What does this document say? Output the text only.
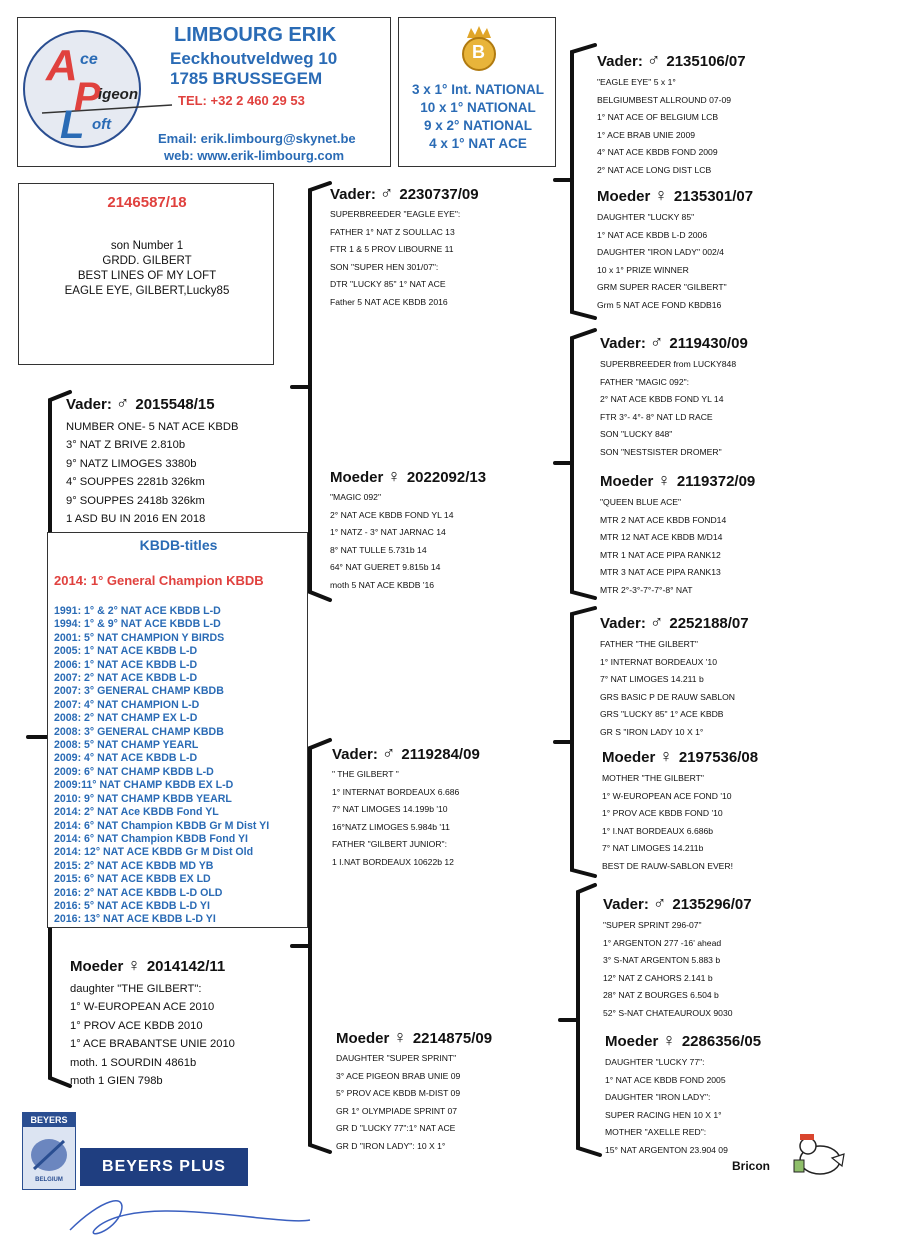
A ce
P
igeon
L oft
LIMBOURG ERIK
Eeckhoutveldweg 10
1785 BRUSSEGEM
TEL: +32 2 460 29 53
Email: erik.limbourg@skynet.be
web: www.erik-limbourg.com
B
3 x 1° Int. NATIONAL
10 x 1° NATIONAL
9 x 2° NATIONAL
4 x 1° NAT ACE
2146587/18
son Number 1
GRDD. GILBERT
BEST LINES OF MY LOFT
EAGLE EYE, GILBERT,Lucky85
Vader: ♂ 2015548/15
NUMBER ONE- 5 NAT ACE KBDB
3° NAT Z BRIVE 2.810b
9° NATZ LIMOGES 3380b
4° SOUPPES 2281b 326km
9° SOUPPES 2418b 326km
1 ASD BU IN 2016 EN 2018
KBDB-titles
2014: 1° General Champion KBDB
1991: 1° & 2° NAT ACE KBDB L-D
1994: 1° & 9° NAT ACE KBDB L-D
2001: 5° NAT CHAMPION Y BIRDS
2005: 1° NAT ACE KBDB L-D
2006: 1° NAT ACE KBDB L-D
2007: 2° NAT ACE KBDB L-D
2007: 3° GENERAL CHAMP KBDB
2007: 4° NAT CHAMPION L-D
2008: 2° NAT CHAMP EX L-D
2008: 3° GENERAL CHAMP KBDB
2008: 5° NAT CHAMP YEARL
2009: 4° NAT ACE KBDB L-D
2009: 6° NAT CHAMP KBDB L-D
2009:11° NAT CHAMP KBDB EX L-D
2010: 9° NAT CHAMP KBDB YEARL
2014: 2° NAT Ace KBDB Fond YL
2014: 6° NAT Champion KBDB Gr M Dist YI
2014: 6° NAT Champion KBDB Fond YI
2014: 12° NAT ACE KBDB Gr M Dist Old
2015: 2° NAT ACE KBDB MD YB
2015: 6° NAT ACE KBDB EX LD
2016: 2° NAT ACE KBDB L-D OLD
2016: 5° NAT ACE KBDB L-D YI
2016: 13° NAT ACE KBDB L-D YI
Moeder ♀ 2014142/11
daughter "THE GILBERT":
1° W-EUROPEAN ACE 2010
1° PROV ACE KBDB 2010
1° ACE BRABANTSE UNIE 2010
moth. 1 SOURDIN 4861b
moth 1 GIEN 798b
Vader: ♂ 2230737/09
SUPERBREEDER "EAGLE EYE":
FATHER 1° NAT Z SOULLAC 13
FTR 1 & 5 PROV LIBOURNE 11
SON "SUPER HEN 301/07":
DTR "LUCKY 85" 1° NAT ACE
Father 5 NAT ACE KBDB 2016
Moeder ♀ 2022092/13
"MAGIC 092"
2° NAT ACE KBDB FOND YL 14
1° NATZ - 3° NAT JARNAC 14
8° NAT TULLE 5.731b 14
64° NAT GUERET 9.815b 14
moth 5 NAT ACE KBDB '16
Vader: ♂ 2119284/09
" THE GILBERT "
1° INTERNAT BORDEAUX 6.686
7° NAT LIMOGES 14.199b '10
16°NATZ LIMOGES 5.984b '11
FATHER "GILBERT JUNIOR":
1 I.NAT BORDEAUX 10622b 12
Moeder ♀ 2214875/09
DAUGHTER "SUPER SPRINT"
3° ACE PIGEON BRAB UNIE 09
5° PROV ACE KBDB M-DIST 09
GR 1° OLYMPIADE SPRINT 07
GR D "LUCKY 77":1° NAT ACE
GR D "IRON LADY": 10 X 1°
Vader: ♂ 2135106/07
"EAGLE EYE" 5 x 1°
BELGIUMBEST ALLROUND 07-09
1° NAT ACE OF BELGIUM LCB
1° ACE BRAB UNIE 2009
4° NAT ACE KBDB FOND 2009
2° NAT ACE LONG DIST LCB
Moeder ♀ 2135301/07
DAUGHTER "LUCKY 85"
1° NAT ACE KBDB L-D 2006
DAUGHTER "IRON LADY" 002/4
10 x 1° PRIZE WINNER
GRM SUPER RACER "GILBERT"
Grm 5 NAT ACE FOND KBDB16
Vader: ♂ 2119430/09
SUPERBREEDER from LUCKY848
FATHER "MAGIC 092":
2° NAT ACE KBDB FOND YL 14
FTR 3°- 4°- 8° NAT LD RACE
SON "LUCKY 848"
SON "NESTSISTER DROMER"
Moeder ♀ 2119372/09
"QUEEN BLUE ACE"
MTR 2 NAT ACE KBDB FOND14
MTR 12 NAT ACE KBDB M/D14
MTR 1 NAT ACE PIPA RANK12
MTR 3 NAT ACE PIPA RANK13
MTR 2°-3°-7°-7°-8° NAT
Vader: ♂ 2252188/07
FATHER "THE GILBERT"
1° INTERNAT BORDEAUX '10
7° NAT LIMOGES 14.211 b
GRS BASIC P DE RAUW SABLON
GRS "LUCKY 85" 1° ACE KBDB
GR S "IRON LADY 10 X 1°
Moeder ♀ 2197536/08
MOTHER "THE GILBERT"
1° W-EUROPEAN ACE FOND '10
1° PROV ACE KBDB FOND '10
1° I.NAT BORDEAUX 6.686b
7° NAT LIMOGES 14.211b
BEST DE RAUW-SABLON EVER!
Vader: ♂ 2135296/07
"SUPER SPRINT 296-07"
1° ARGENTON 277 -16' ahead
3° S-NAT ARGENTON 5.883 b
12° NAT Z CAHORS 2.141 b
28° NAT Z BOURGES 6.504 b
52° S-NAT CHATEAUROUX 9030
Moeder ♀ 2286356/05
DAUGHTER "LUCKY 77":
1° NAT ACE KBDB FOND 2005
DAUGHTER "IRON LADY":
SUPER RACING HEN 10 X 1°
MOTHER "AXELLE RED":
15° NAT ARGENTON 23.904 09
BEYERS
BELGIUM
BEYERS PLUS	Bricon
